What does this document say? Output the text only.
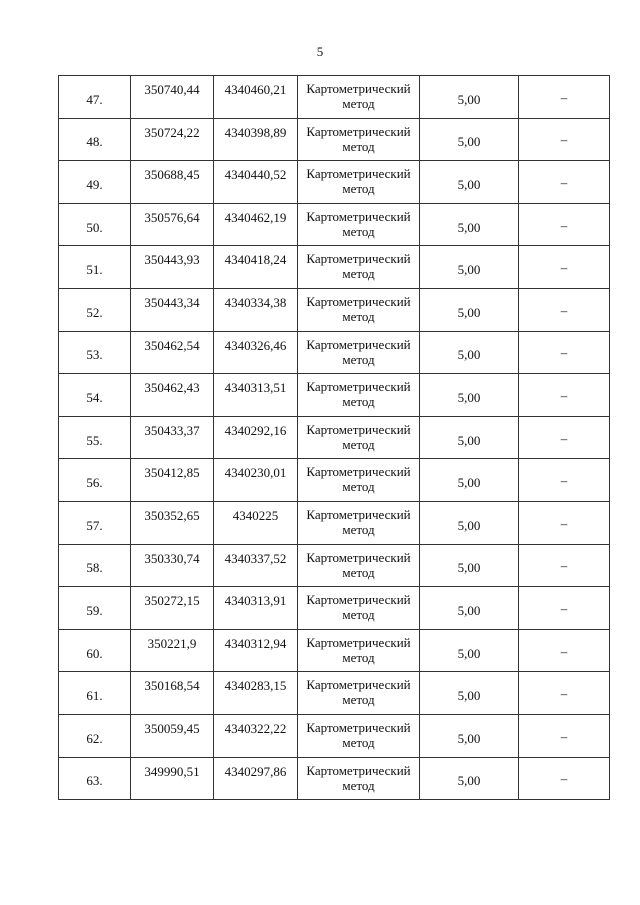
5
47.	350740,44	4340460,21	Картометрический
метод	5,00	–
48.	350724,22	4340398,89	Картометрический
метод	5,00	–
49.	350688,45	4340440,52	Картометрический
метод	5,00	–
50.	350576,64	4340462,19	Картометрический
метод	5,00	–
51.	350443,93	4340418,24	Картометрический
метод	5,00	–
52.	350443,34	4340334,38	Картометрический
метод	5,00	–
53.	350462,54	4340326,46	Картометрический
метод	5,00	–
54.	350462,43	4340313,51	Картометрический
метод	5,00	–
55.	350433,37	4340292,16	Картометрический
метод	5,00	–
56.	350412,85	4340230,01	Картометрический
метод	5,00	–
57.	350352,65	4340225	Картометрический
метод	5,00	–
58.	350330,74	4340337,52	Картометрический
метод	5,00	–
59.	350272,15	4340313,91	Картометрический
метод	5,00	–
60.	350221,9	4340312,94	Картометрический
метод	5,00	–
61.	350168,54	4340283,15	Картометрический
метод	5,00	–
62.	350059,45	4340322,22	Картометрический
метод	5,00	–
63.	349990,51	4340297,86	Картометрический
метод	5,00	–
